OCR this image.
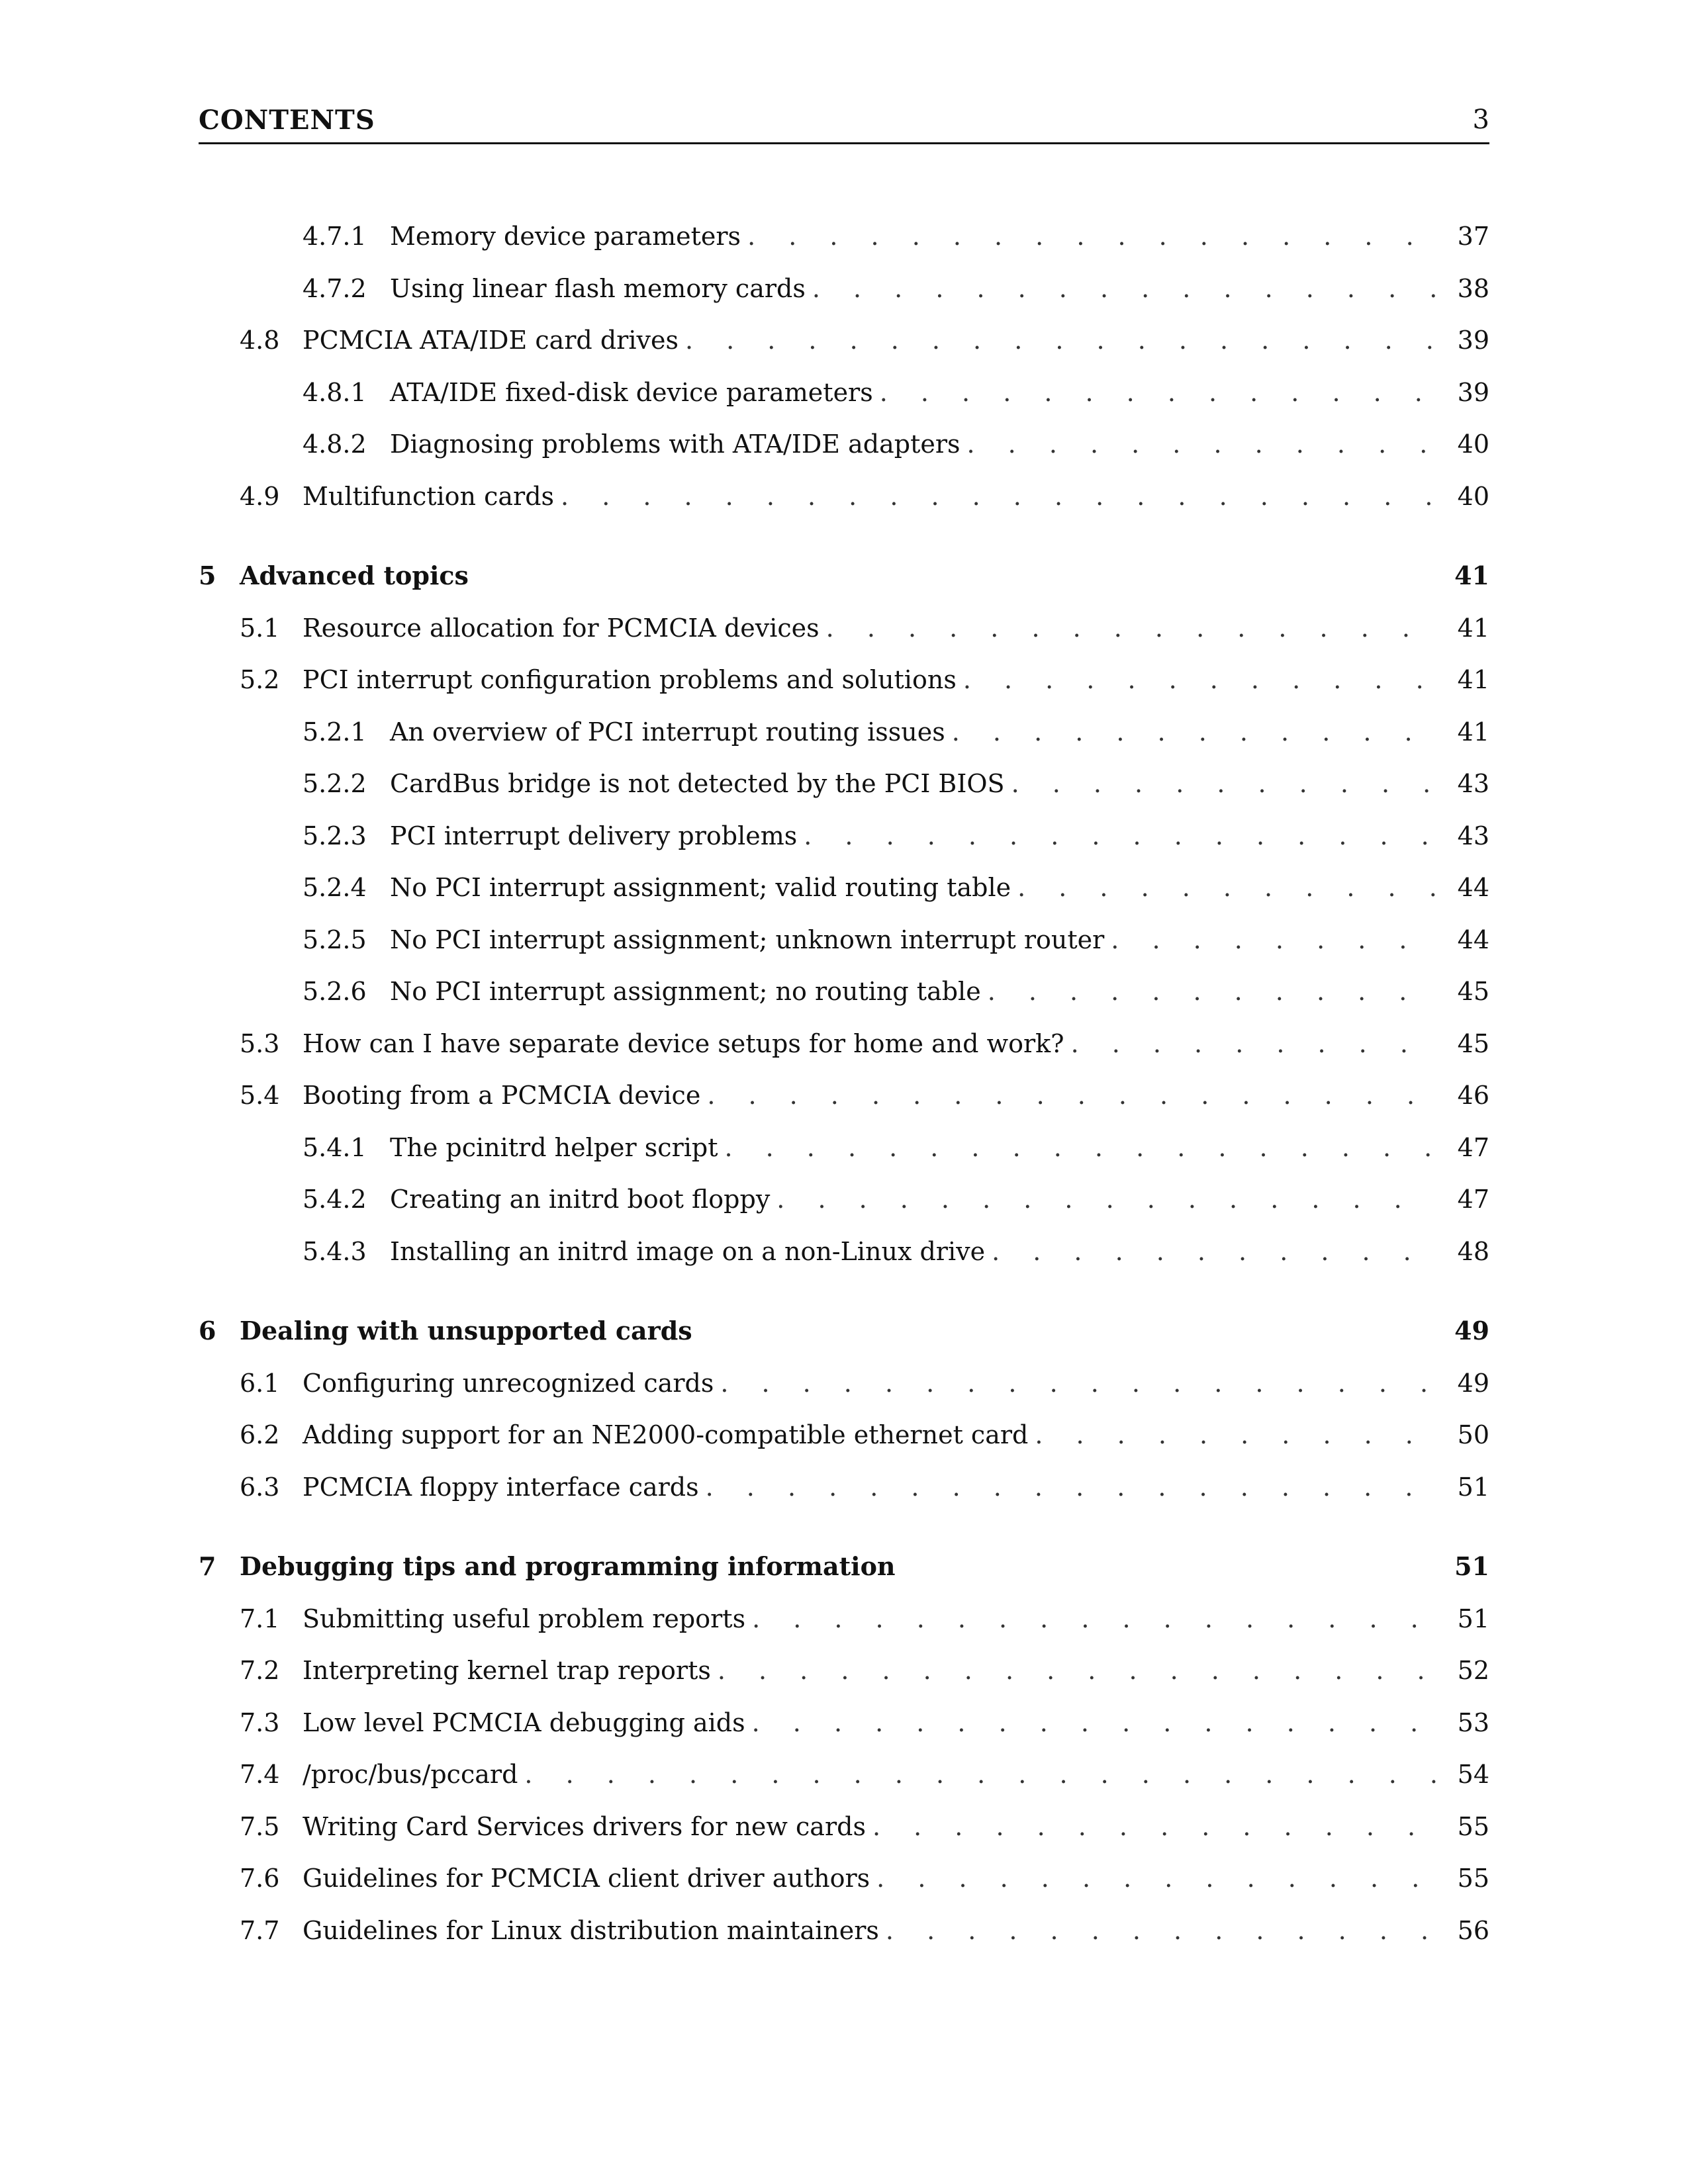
CONTENTS	3
4.7.1 Memory device parameters . . .	37
4.7.2 Using linear flash memory cards . . .	38
4.8 PCMCIA ATA/IDE card drives . . .	39
4.8.1 ATA/IDE fixed-disk device parameters . . .	39
4.8.2 Diagnosing problems with ATA/IDE adapters . . .	40
4.9 Multifunction cards . . .	40
5 Advanced topics	41
5.1 Resource allocation for PCMCIA devices . . .	41
5.2 PCI interrupt configuration problems and solutions . . .	41
5.2.1 An overview of PCI interrupt routing issues . . .	41
5.2.2 CardBus bridge is not detected by the PCI BIOS . . .	43
5.2.3 PCI interrupt delivery problems . . .	43
5.2.4 No PCI interrupt assignment; valid routing table . . .	44
5.2.5 No PCI interrupt assignment; unknown interrupt router . . .	44
5.2.6 No PCI interrupt assignment; no routing table . . .	45
5.3 How can I have separate device setups for home and work? . . .	45
5.4 Booting from a PCMCIA device . . .	46
5.4.1 The pcinitrd helper script . . .	47
5.4.2 Creating an initrd boot floppy . . .	47
5.4.3 Installing an initrd image on a non-Linux drive . . .	48
6 Dealing with unsupported cards	49
6.1 Configuring unrecognized cards . . .	49
6.2 Adding support for an NE2000-compatible ethernet card . . .	50
6.3 PCMCIA floppy interface cards . . .	51
7 Debugging tips and programming information	51
7.1 Submitting useful problem reports . . .	51
7.2 Interpreting kernel trap reports . . .	52
7.3 Low level PCMCIA debugging aids . . .	53
7.4 /proc/bus/pccard . . .	54
7.5 Writing Card Services drivers for new cards . . .	55
7.6 Guidelines for PCMCIA client driver authors . . .	55
7.7 Guidelines for Linux distribution maintainers . . .	56
